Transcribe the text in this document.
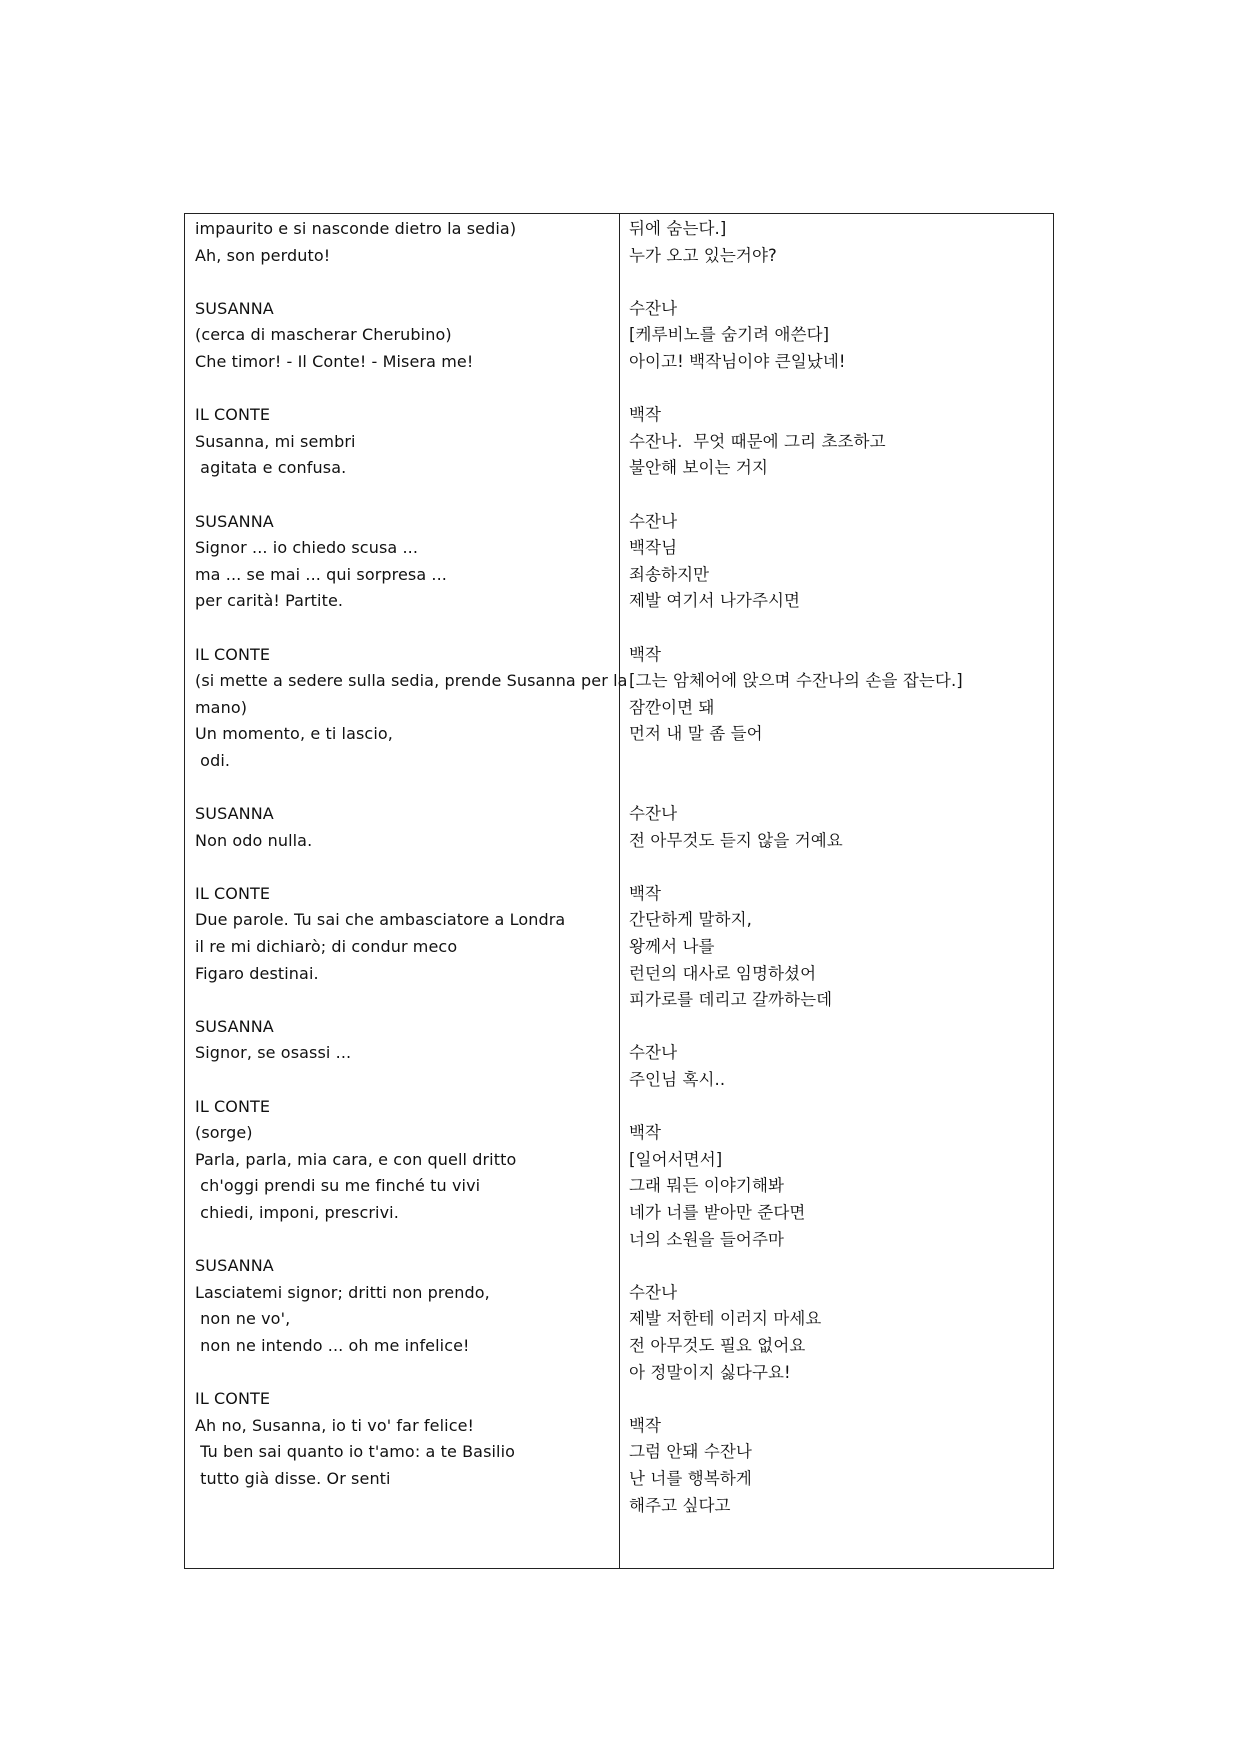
impaurito e si nasconde dietro la sedia)
Ah, son perduto!
SUSANNA
(cerca di mascherar Cherubino)
Che timor! - Il Conte! - Misera me!
IL CONTE
Susanna, mi sembri
agitata e confusa.
SUSANNA
Signor ... io chiedo scusa ...
ma ... se mai ... qui sorpresa ...
per carità! Partite.
IL CONTE
(si mette a sedere sulla sedia, prende Susanna per la
mano)
Un momento, e ti lascio,
odi.
SUSANNA
Non odo nulla.
IL CONTE
Due parole. Tu sai che ambasciatore a Londra
il re mi dichiarò; di condur meco
Figaro destinai.
SUSANNA
Signor, se osassi ...
IL CONTE
(sorge)
Parla, parla, mia cara, e con quell dritto
ch'oggi prendi su me finché tu vivi
chiedi, imponi, prescrivi.
SUSANNA
Lasciatemi signor; dritti non prendo,
non ne vo',
non ne intendo ... oh me infelice!
IL CONTE
Ah no, Susanna, io ti vo' far felice!
Tu ben sai quanto io t'amo: a te Basilio
tutto già disse. Or senti
뒤에 숨는다.]
누가 오고 있는거야?
수잔나
[케루비노를 숨기려 애쓴다]
아이고! 백작님이야 큰일났네!
백작
수잔나.  무엇 때문에 그리 초조하고
불안해 보이는 거지
수잔나
백작님
죄송하지만
제발 여기서 나가주시면
백작
[그는 암체어에 앉으며 수잔나의 손을 잡는다.]
잠깐이면 돼
먼저 내 말 좀 들어
수잔나
전 아무것도 듣지 않을 거예요
백작
간단하게 말하지,
왕께서 나를
런던의 대사로 임명하셨어
피가로를 데리고 갈까하는데
수잔나
주인님 혹시..
백작
[일어서면서]
그래 뭐든 이야기해봐
네가 너를 받아만 준다면
너의 소원을 들어주마
수잔나
제발 저한테 이러지 마세요
전 아무것도 필요 없어요
아 정말이지 싫다구요!
백작
그럼 안돼 수잔나
난 너를 행복하게
해주고 싶다고
